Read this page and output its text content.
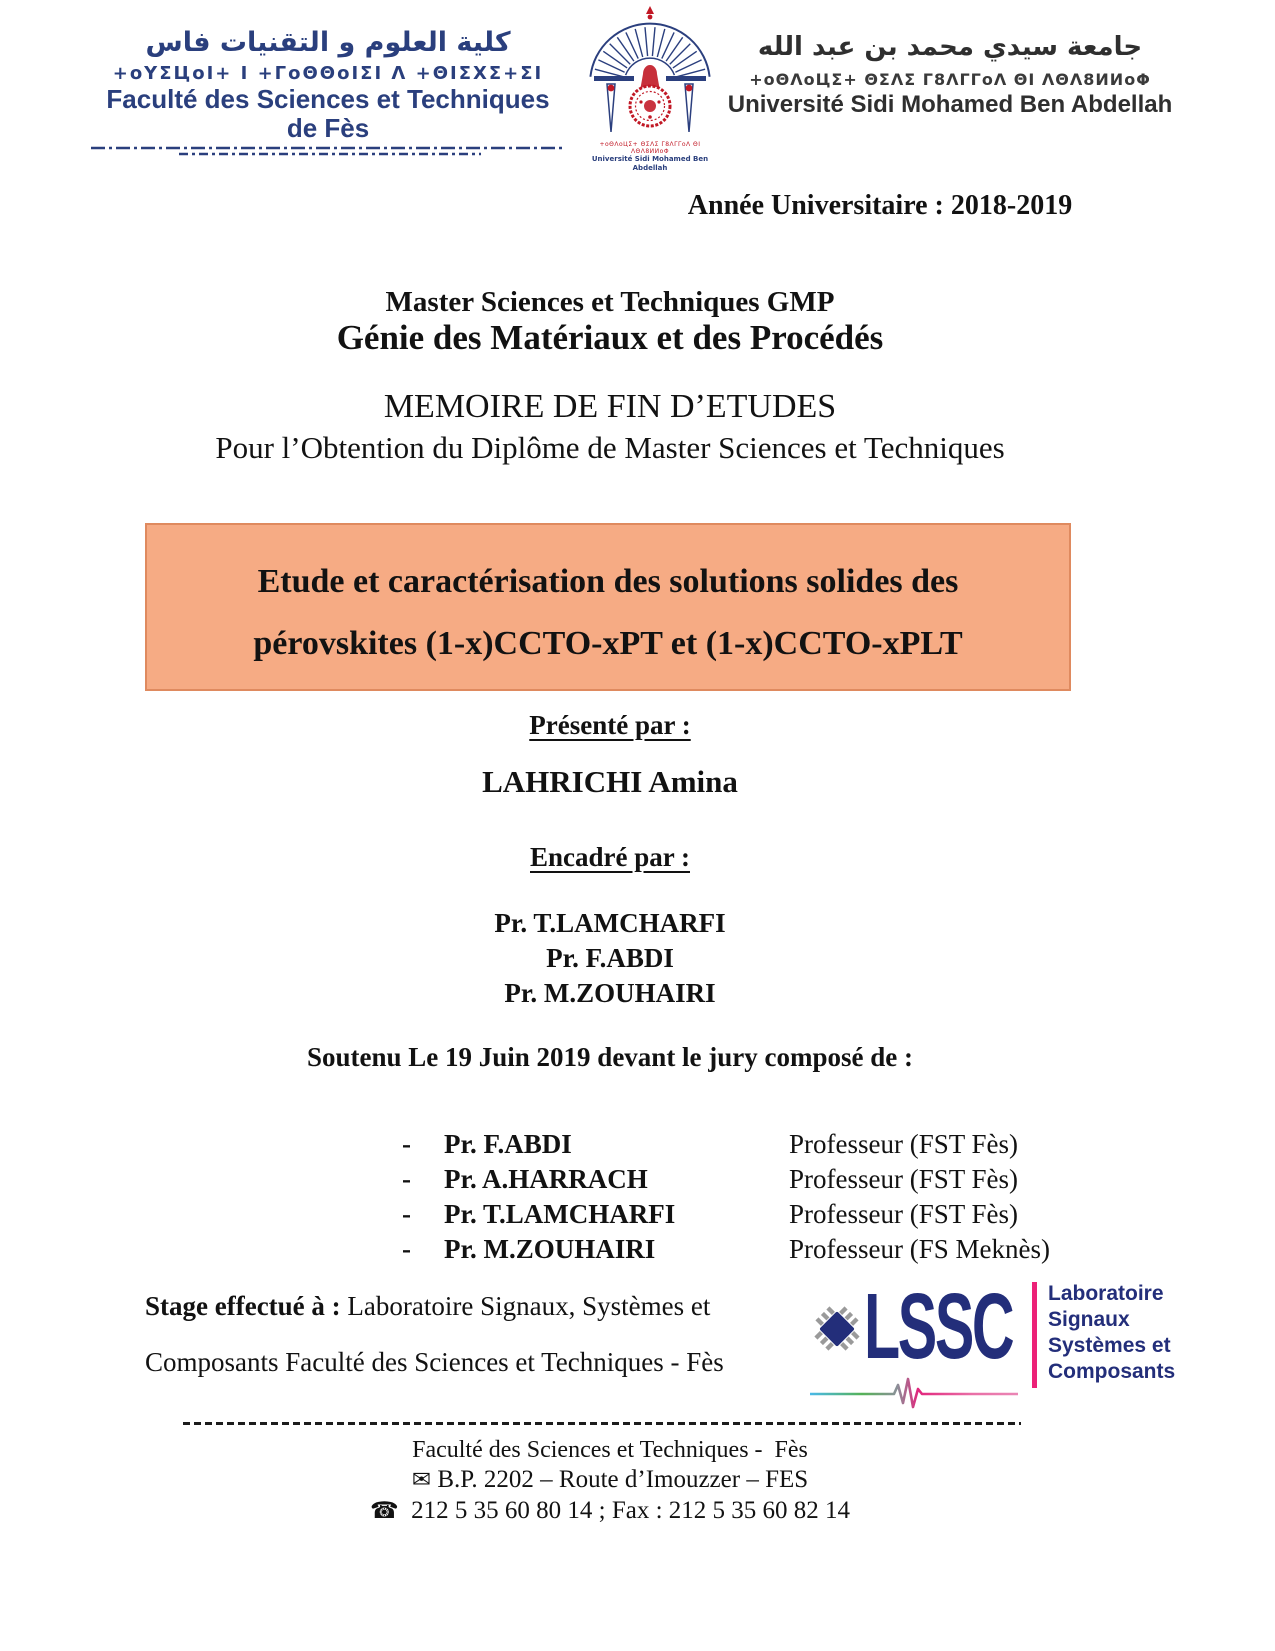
كلية العلوم و التقنيات فاس
+oYΣЦoI+ I +ΓoΘΘoIΣI Λ +ΘIΣXΣ+ΣI
Faculté des Sciences et Techniques de Fès
+oΘΛoЦΣ+ ΘΣΛΣ Γ8ΛΓΓoΛ ΘΙ ΛΘΛ8ИИoΦ
Université Sidi Mohamed Ben Abdellah
جامعة سيدي محمد بن عبد الله
+oΘΛoЦΣ+ ΘΣΛΣ Γ8ΛΓΓoΛ ΘΙ ΛΘΛ8ИИoΦ
Université Sidi Mohamed Ben Abdellah
Année Universitaire : 2018-2019
Master Sciences et Techniques GMP
Génie des Matériaux et des Procédés
MEMOIRE DE FIN D’ETUDES
Pour l’Obtention du Diplôme de Master Sciences et Techniques
Etude et caractérisation des solutions solides des
pérovskites (1-x)CCTO-xPT et (1-x)CCTO-xPLT
Présenté par :
LAHRICHI Amina
Encadré par :
Pr. T.LAMCHARFI
Pr. F.ABDI
Pr. M.ZOUHAIRI
Soutenu Le 19 Juin 2019 devant le jury composé de :
-	Pr. F.ABDI	Professeur (FST Fès)
-	Pr. A.HARRACH	Professeur (FST Fès)
-	Pr. T.LAMCHARFI	Professeur (FST Fès)
-	Pr. M.ZOUHAIRI	Professeur (FS Meknès)
Stage effectué à : Laboratoire Signaux, Systèmes et
Composants Faculté des Sciences et Techniques - Fès	LSSC Laboratoire
Signaux
Systèmes et
Composants
Faculté des Sciences et Techniques -  Fès
✉ B.P. 2202 – Route d’Imouzzer – FES
☎  212 5 35 60 80 14 ; Fax : 212 5 35 60 82 14
